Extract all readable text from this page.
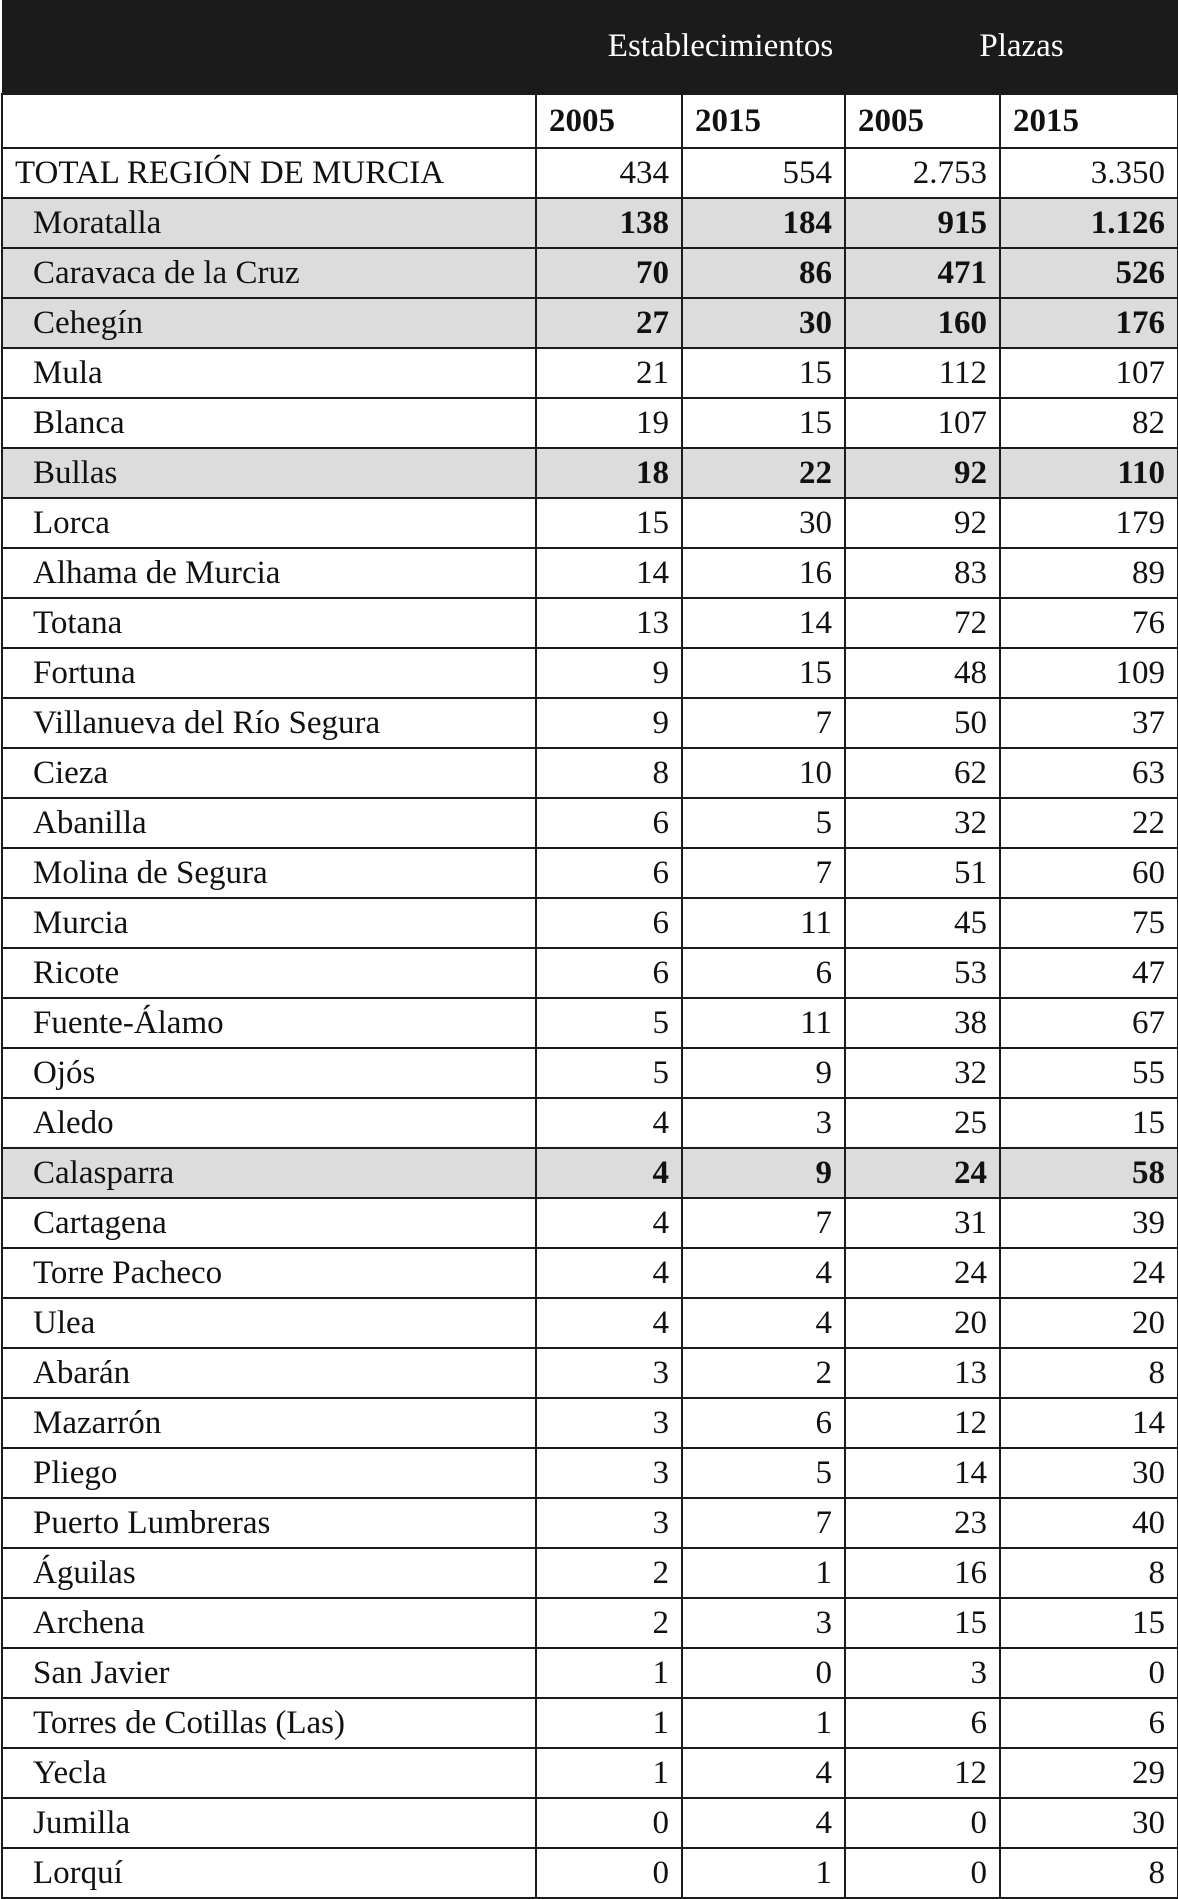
	Establecimientos		Plazas	
	2005	2015	2005	2015
TOTAL REGIÓN DE MURCIA	434	554	2.753	3.350
Moratalla	138	184	915	1.126
Caravaca de la Cruz	70	86	471	526
Cehegín	27	30	160	176
Mula	21	15	112	107
Blanca	19	15	107	82
Bullas	18	22	92	110
Lorca	15	30	92	179
Alhama de Murcia	14	16	83	89
Totana	13	14	72	76
Fortuna	9	15	48	109
Villanueva del Río Segura	9	7	50	37
Cieza	8	10	62	63
Abanilla	6	5	32	22
Molina de Segura	6	7	51	60
Murcia	6	11	45	75
Ricote	6	6	53	47
Fuente-Álamo	5	11	38	67
Ojós	5	9	32	55
Aledo	4	3	25	15
Calasparra	4	9	24	58
Cartagena	4	7	31	39
Torre Pacheco	4	4	24	24
Ulea	4	4	20	20
Abarán	3	2	13	8
Mazarrón	3	6	12	14
Pliego	3	5	14	30
Puerto Lumbreras	3	7	23	40
Águilas	2	1	16	8
Archena	2	3	15	15
San Javier	1	0	3	0
Torres de Cotillas (Las)	1	1	6	6
Yecla	1	4	12	29
Jumilla	0	4	0	30
Lorquí	0	1	0	8
